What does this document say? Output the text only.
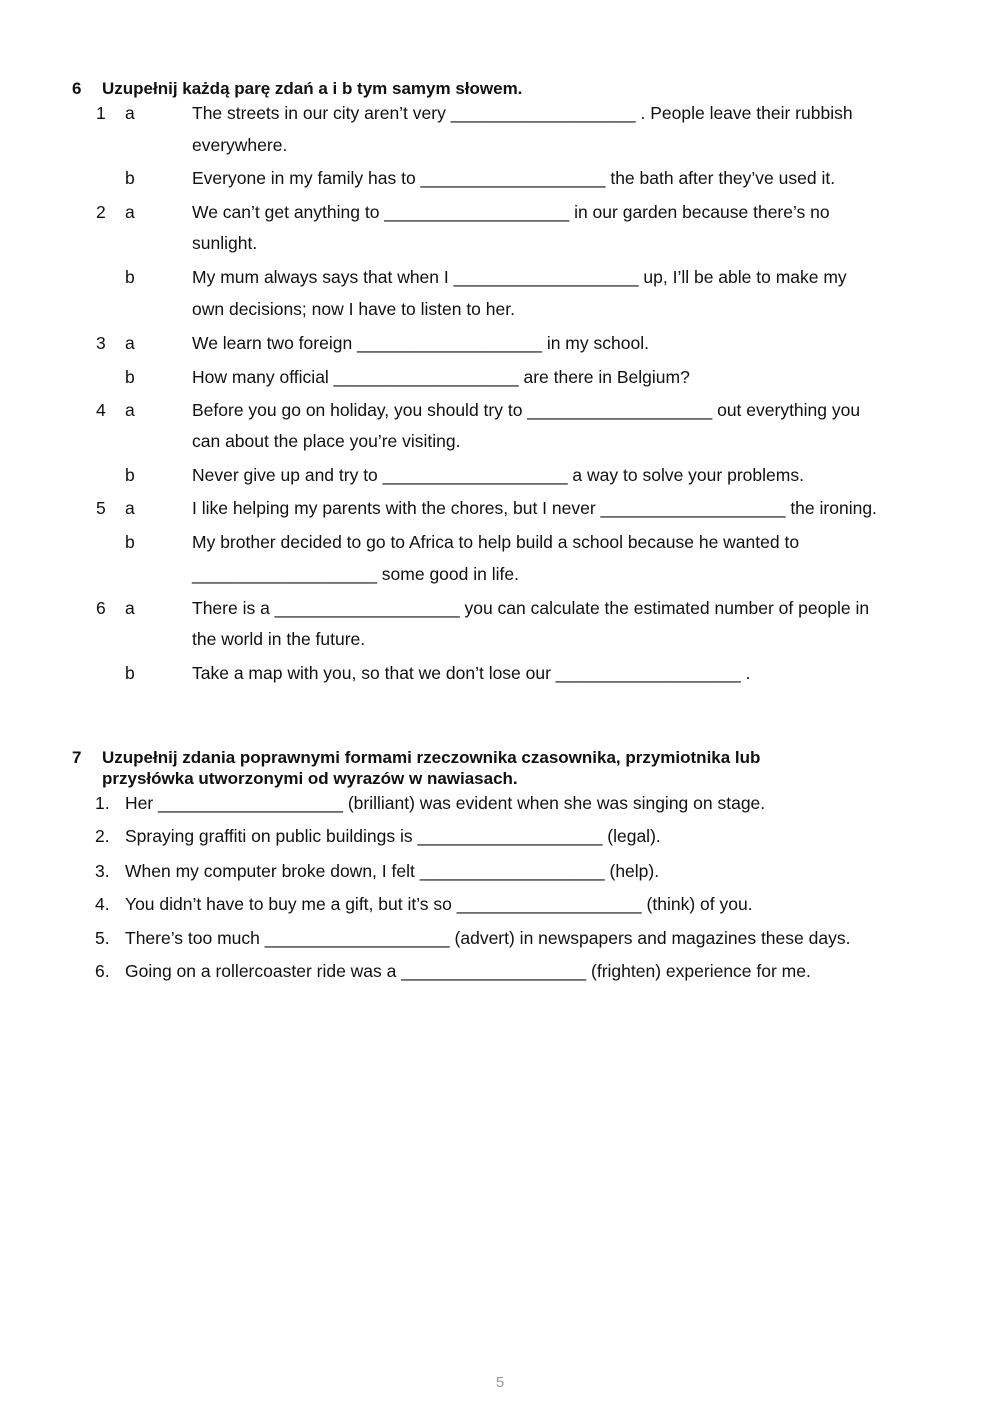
6 Uzupełnij każdą parę zdań a i b tym samym słowem.
1 a	The streets in our city aren’t very ___________________ . People leave their rubbish
everywhere.
b	Everyone in my family has to ___________________ the bath after they’ve used it.
2 a	We can’t get anything to ___________________ in our garden because there’s no
sunlight.
b	My mum always says that when I ___________________ up, I’ll be able to make my
own decisions; now I have to listen to her.
3 a	We learn two foreign ___________________ in my school.
b	How many official ___________________ are there in Belgium?
4 a	Before you go on holiday, you should try to ___________________ out everything you
can about the place you’re visiting.
b	Never give up and try to ___________________ a way to solve your problems.
5 a	I like helping my parents with the chores, but I never ___________________ the ironing.
b	My brother decided to go to Africa to help build a school because he wanted to
___________________ some good in life.
6 a	There is a ___________________ you can calculate the estimated number of people in
the world in the future.
b	Take a map with you, so that we don’t lose our ___________________ .
7 Uzupełnij zdania poprawnymi formami rzeczownika czasownika, przymiotnika lub
przysłówka utworzonymi od wyrazów w nawiasach.
1. Her ___________________ (brilliant) was evident when she was singing on stage.
2. Spraying graffiti on public buildings is ___________________ (legal).
3. When my computer broke down, I felt ___________________ (help).
4. You didn’t have to buy me a gift, but it’s so ___________________ (think) of you.
5. There’s too much ___________________ (advert) in newspapers and magazines these days.
6. Going on a rollercoaster ride was a ___________________ (frighten) experience for me.
5
